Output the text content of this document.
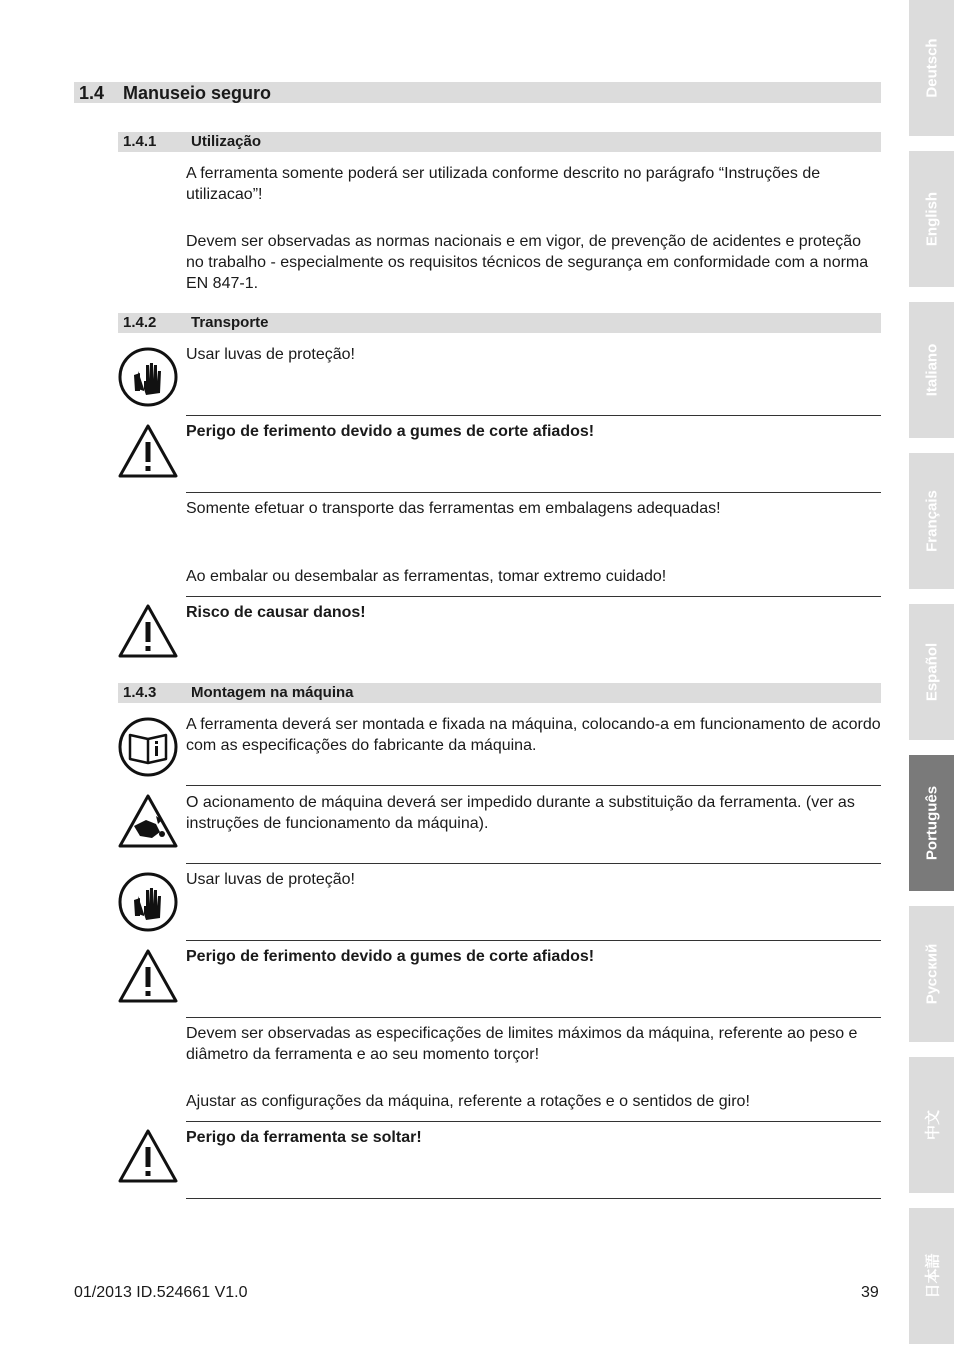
1.4 Manuseio seguro
1.4.1 Utilização
A ferramenta somente poderá ser utilizada conforme descrito no parágrafo “Instruções de utilizacao”!
Devem ser observadas as normas nacionais e em vigor, de prevenção de acidentes e proteção no trabalho - especialmente os requisitos técnicos de segurança em conformidade com a norma EN 847-1.
1.4.2 Transporte
Usar luvas de proteção!
Perigo de ferimento devido a gumes de corte afiados!
Somente efetuar o transporte das ferramentas em embalagens adequadas!
Ao embalar ou desembalar as ferramentas, tomar extremo cuidado!
Risco de causar danos!
1.4.3 Montagem na máquina
A ferramenta deverá ser montada e fixada na máquina, colocando-a em funcionamento de acordo com as especificações do fabricante da máquina.
O acionamento de máquina deverá ser impedido durante a substituição da ferramenta. (ver as instruções de funcionamento da máquina).
Usar luvas de proteção!
Perigo de ferimento devido a gumes de corte afiados!
Devem ser observadas as especificações de limites máximos da máquina, referente ao peso e diâmetro da ferramenta e ao seu momento torçor!
Ajustar as configurações da máquina, referente a rotações e o sentidos de giro!
Perigo da ferramenta se soltar!
01/2013 ID.524661 V1.0	39
Deutsch
English
Italiano
Français
Español
Português
Русский
中文
日本語
